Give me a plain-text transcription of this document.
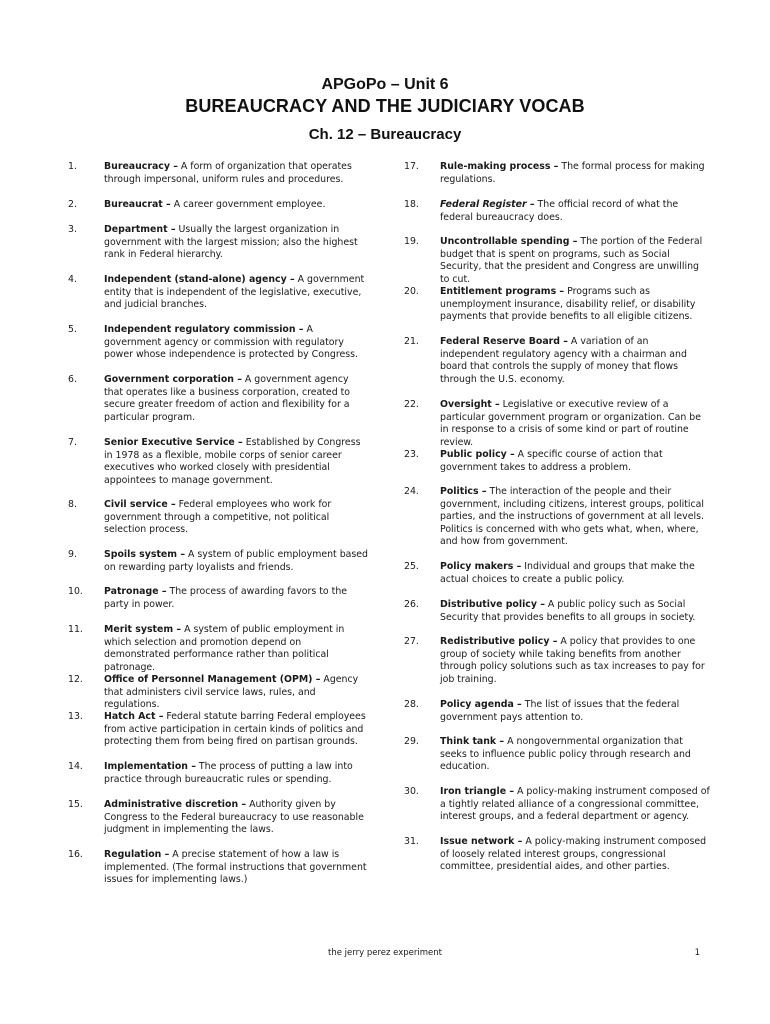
APGoPo – Unit 6
BUREAUCRACY AND THE JUDICIARY VOCAB
Ch. 12 – Bureaucracy
1.	Bureaucracy – A form of organization that operates through impersonal, uniform rules and procedures.
2.	Bureaucrat – A career government employee.
3.	Department – Usually the largest organization in government with the largest mission; also the highest rank in Federal hierarchy.
4.	Independent (stand-alone) agency – A government entity that is independent of the legislative, executive, and judicial branches.
5.	Independent regulatory commission – A government agency or commission with regulatory power whose independence is protected by Congress.
6.	Government corporation – A government agency that operates like a business corporation, created to secure greater freedom of action and flexibility for a particular program.
7.	Senior Executive Service – Established by Congress in 1978 as a flexible, mobile corps of senior career executives who worked closely with presidential appointees to manage government.
8.	Civil service – Federal employees who work for government through a competitive, not political selection process.
9.	Spoils system – A system of public employment based on rewarding party loyalists and friends.
10.	Patronage – The process of awarding favors to the party in power.
11.	Merit system – A system of public employment in which selection and promotion depend on demonstrated performance rather than political patronage.
12.	Office of Personnel Management (OPM) – Agency that administers civil service laws, rules, and regulations.
13.	Hatch Act – Federal statute barring Federal employees from active participation in certain kinds of politics and protecting them from being fired on partisan grounds.
14.	Implementation – The process of putting a law into practice through bureaucratic rules or spending.
15.	Administrative discretion – Authority given by Congress to the Federal bureaucracy to use reasonable judgment in implementing the laws.
16.	Regulation – A precise statement of how a law is implemented. (The formal instructions that government issues for implementing laws.)
17.	Rule-making process – The formal process for making regulations.
18.	Federal Register – The official record of what the federal bureaucracy does.
19.	Uncontrollable spending – The portion of the Federal budget that is spent on programs, such as Social Security, that the president and Congress are unwilling to cut.
20.	Entitlement programs – Programs such as unemployment insurance, disability relief, or disability payments that provide benefits to all eligible citizens.
21.	Federal Reserve Board – A variation of an independent regulatory agency with a chairman and board that controls the supply of money that flows through the U.S. economy.
22.	Oversight – Legislative or executive review of a particular government program or organization. Can be in response to a crisis of some kind or part of routine review.
23.	Public policy – A specific course of action that government takes to address a problem.
24.	Politics – The interaction of the people and their government, including citizens, interest groups, political parties, and the instructions of government at all levels. Politics is concerned with who gets what, when, where, and how from government.
25.	Policy makers – Individual and groups that make the actual choices to create a public policy.
26.	Distributive policy – A public policy such as Social Security that provides benefits to all groups in society.
27.	Redistributive policy – A policy that provides to one group of society while taking benefits from another through policy solutions such as tax increases to pay for job training.
28.	Policy agenda – The list of issues that the federal government pays attention to.
29.	Think tank – A nongovernmental organization that seeks to influence public policy through research and education.
30.	Iron triangle – A policy-making instrument composed of a tightly related alliance of a congressional committee, interest groups, and a federal department or agency.
31.	Issue network – A policy-making instrument composed of loosely related interest groups, congressional committee, presidential aides, and other parties.
the jerry perez experiment	1
